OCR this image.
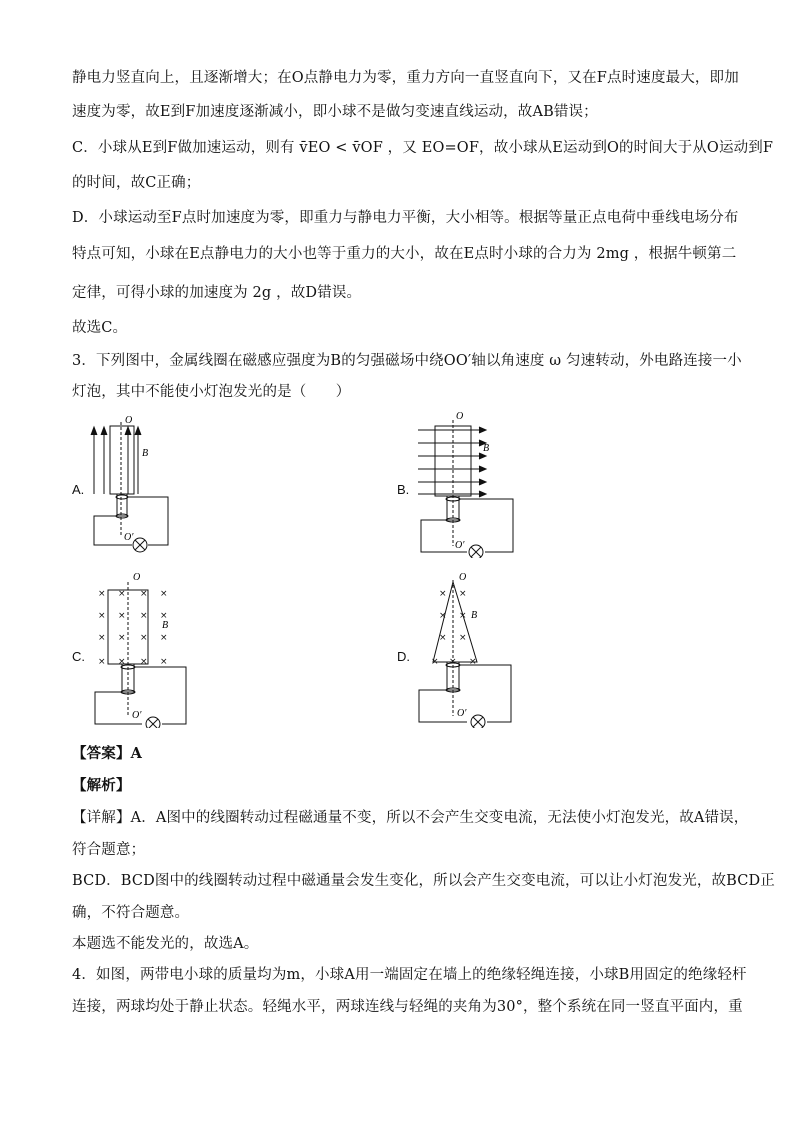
静电力竖直向上，且逐渐增大；在O点静电力为零，重力方向一直竖直向下，又在F点时速度最大，即加
速度为零，故E到F加速度逐渐减小，即小球不是做匀变速直线运动，故AB错误；
C．小球从E到F做加速运动，则有 v̄EO < v̄OF ，又 EO=OF，故小球从E运动到O的时间大于从O运动到F
的时间，故C正确；
D．小球运动至F点时加速度为零，即重力与静电力平衡，大小相等。根据等量正点电荷中垂线电场分布
特点可知，小球在E点静电力的大小也等于重力的大小，故在E点时小球的合力为 2mg ，根据牛顿第二
定律，可得小球的加速度为 2g ，故D错误。
故选C。
3．下列图中，金属线圈在磁感应强度为B的匀强磁场中绕OO′轴以角速度 ω 匀速转动，外电路连接一小
灯泡，其中不能使小灯泡发光的是（　　）
A.	B.
C.	D.
O
B
O′
O
B
O′
× × × ×
× × × ×
× × × ×
× × × ×
O
B
O′
× ×
× ×
× ×
× × ×
O
B
O′
【答案】A
【解析】
【详解】A．A图中的线圈转动过程磁通量不变，所以不会产生交变电流，无法使小灯泡发光，故A错误，
符合题意；
BCD．BCD图中的线圈转动过程中磁通量会发生变化，所以会产生交变电流，可以让小灯泡发光，故BCD正
确，不符合题意。
本题选不能发光的，故选A。
4．如图，两带电小球的质量均为m，小球A用一端固定在墙上的绝缘轻绳连接，小球B用固定的绝缘轻杆
连接，两球均处于静止状态。轻绳水平，两球连线与轻绳的夹角为30°，整个系统在同一竖直平面内，重
